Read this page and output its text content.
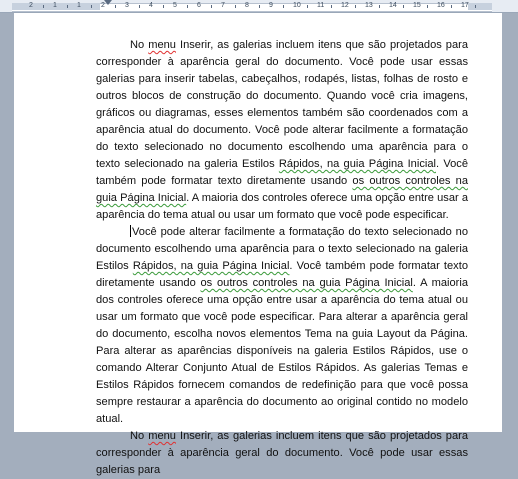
2	1	1	2	3	4	5	6	7	8	9	10 11 12 13 14 15 16 17

No menu Inserir, as galerias incluem itens que são projetados para corresponder à aparência geral do documento. Você pode usar essas galerias para inserir tabelas, cabeçalhos, rodapés, listas, folhas de rosto e outros blocos de construção do documento. Quando você cria imagens, gráficos ou diagramas, esses elementos também são coordenados com a aparência atual do documento. Você pode alterar facilmente a formatação do texto selecionado no documento escolhendo uma aparência para o texto selecionado na galeria Estilos Rápidos, na guia Página Inicial. Você também pode formatar texto diretamente usando os outros controles na guia Página Inicial. A maioria dos controles oferece uma opção entre usar a aparência do tema atual ou usar um formato que você pode especificar.

Você pode alterar facilmente a formatação do texto selecionado no documento escolhendo uma aparência para o texto selecionado na galeria Estilos Rápidos, na guia Página Inicial. Você também pode formatar texto diretamente usando os outros controles na guia Página Inicial. A maioria dos controles oferece uma opção entre usar a aparência do tema atual ou usar um formato que você pode especificar. Para alterar a aparência geral do documento, escolha novos elementos Tema na guia Layout da Página. Para alterar as aparências disponíveis na galeria Estilos Rápidos, use o comando Alterar Conjunto Atual de Estilos Rápidos. As galerias Temas e Estilos Rápidos fornecem comandos de redefinição para que você possa sempre restaurar a aparência do documento ao original contido no modelo atual.

No menu Inserir, as galerias incluem itens que são projetados para corresponder à aparência geral do documento. Você pode usar essas galerias para
